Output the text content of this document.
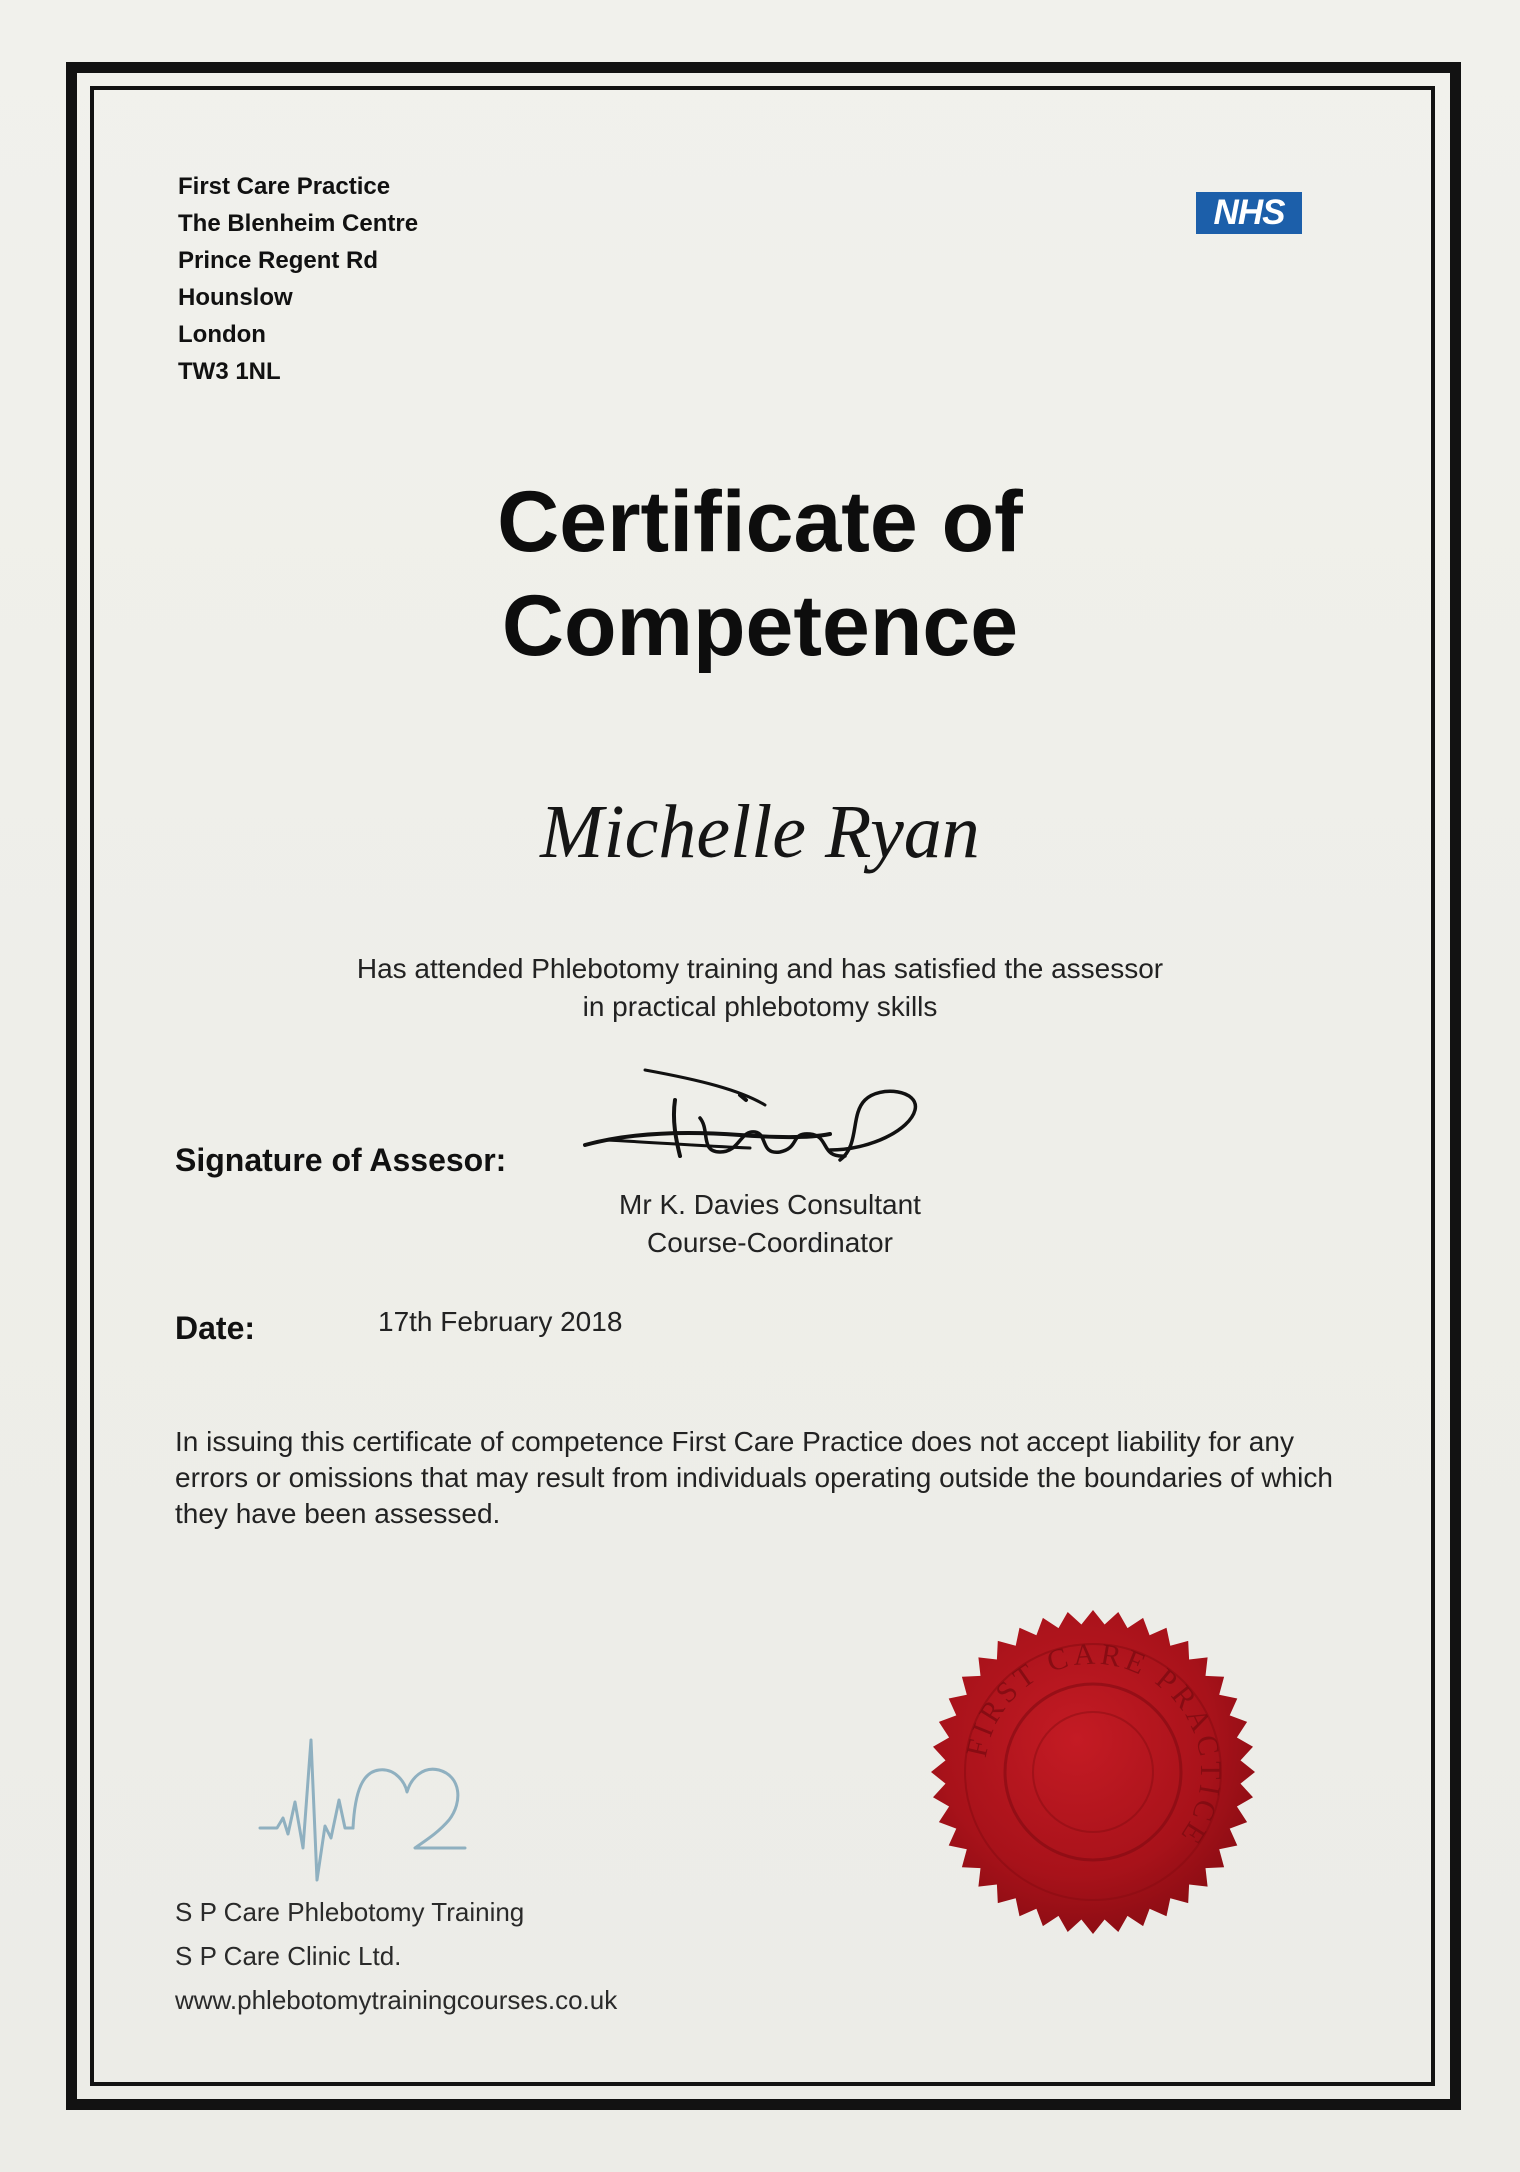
First Care Practice
The Blenheim Centre
Prince Regent Rd
Hounslow
London
TW3 1NL
NHS
Certificate of
Competence
Michelle Ryan
Has attended Phlebotomy training and has satisfied the assessor
in practical phlebotomy skills
Signature of Assesor:
Mr K. Davies Consultant
Course-Coordinator
Date:	17th February 2018
In issuing this certificate of competence First Care Practice does not accept liability for any errors or omissions that may result from individuals operating outside the boundaries of which they have been assessed.
S P Care Phlebotomy Training
S P Care Clinic Ltd.
www.phlebotomytrainingcourses.co.uk
FIRST CARE PRACTICE
